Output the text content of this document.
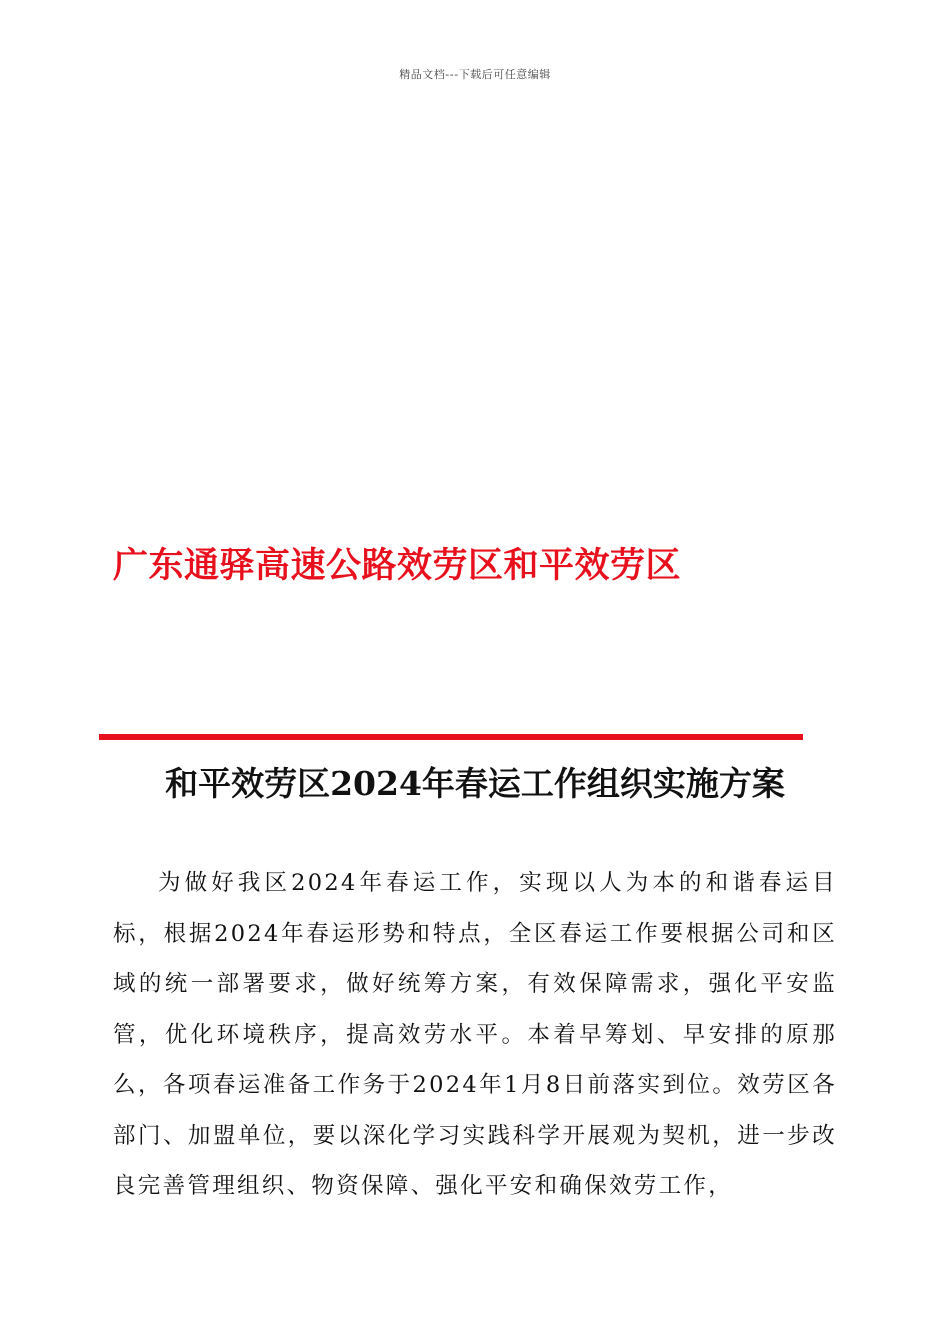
精品文档---下载后可任意编辑
广东通驿高速公路效劳区和平效劳区
和平效劳区2024年春运工作组织实施方案

为做好我区2024年春运工作，实现以人为本的和谐春运目标，根据2024年春运形势和特点，全区春运工作要根据公司和区域的统一部署要求，做好统筹方案，有效保障需求，强化平安监管，优化环境秩序，提高效劳水平。本着早筹划、早安排的原那么，各项春运准备工作务于2024年1月8日前落实到位。效劳区各部门、加盟单位，要以深化学习实践科学开展观为契机，进一步改良完善管理组织、物资保障、强化平安和确保效劳工作，
